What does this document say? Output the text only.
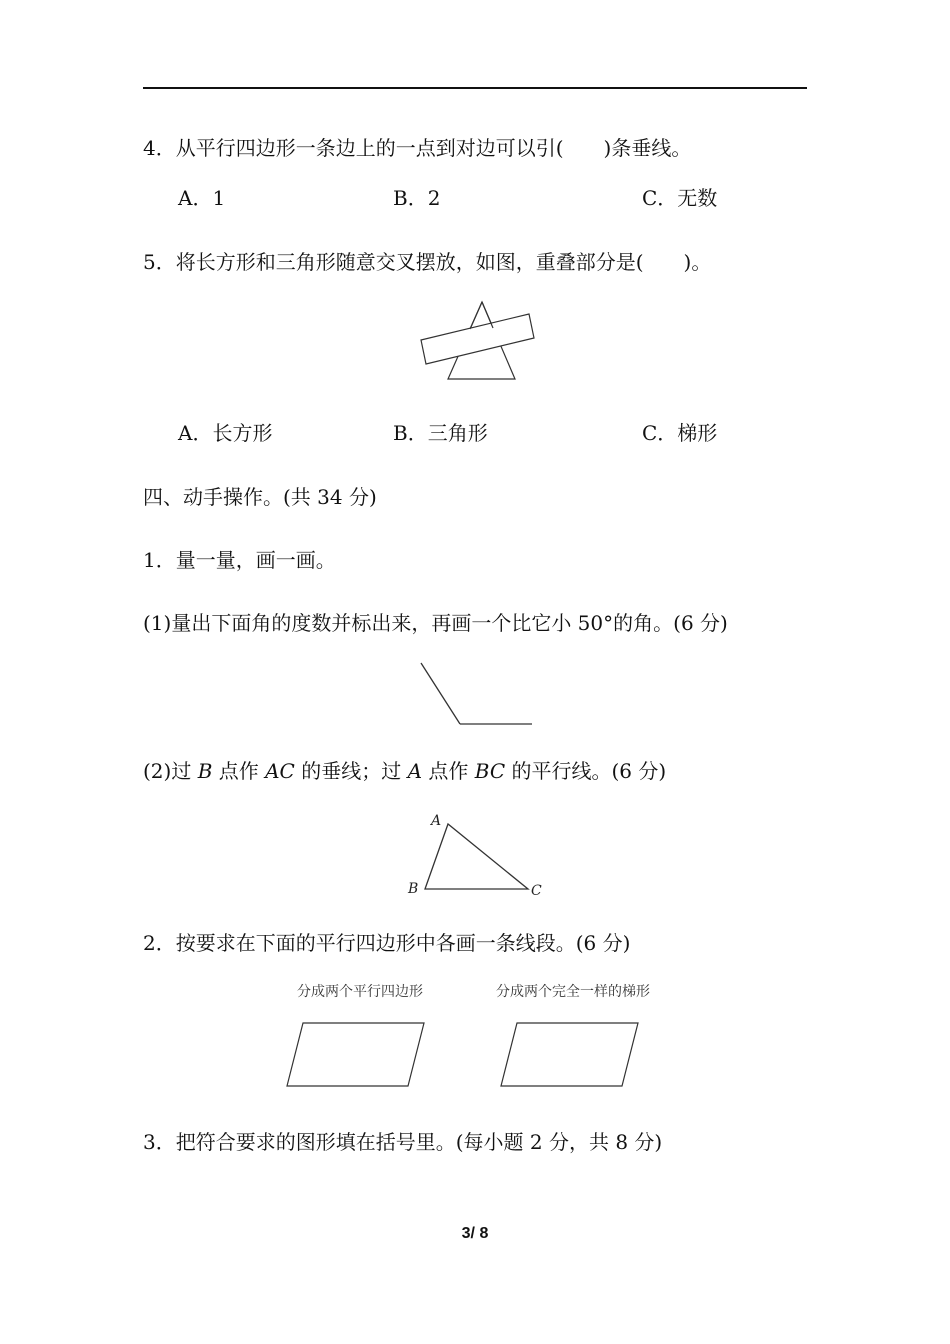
4．从平行四边形一条边上的一点到对边可以引(　　)条垂线。
A．1	B．2	C．无数
5．将长方形和三角形随意交叉摆放，如图，重叠部分是(　　)。
A．长方形	B．三角形	C．梯形
四、动手操作。(共 34 分)
1．量一量，画一画。
(1)量出下面角的度数并标出来，再画一个比它小 50°的角。(6 分)
(2)过 B 点作 AC 的垂线；过 A 点作 BC 的平行线。(6 分)
A
B	C
2．按要求在下面的平行四边形中各画一条线段。(6 分)
分成两个平行四边形	分成两个完全一样的梯形
3．把符合要求的图形填在括号里。(每小题 2 分，共 8 分)
3/ 8
